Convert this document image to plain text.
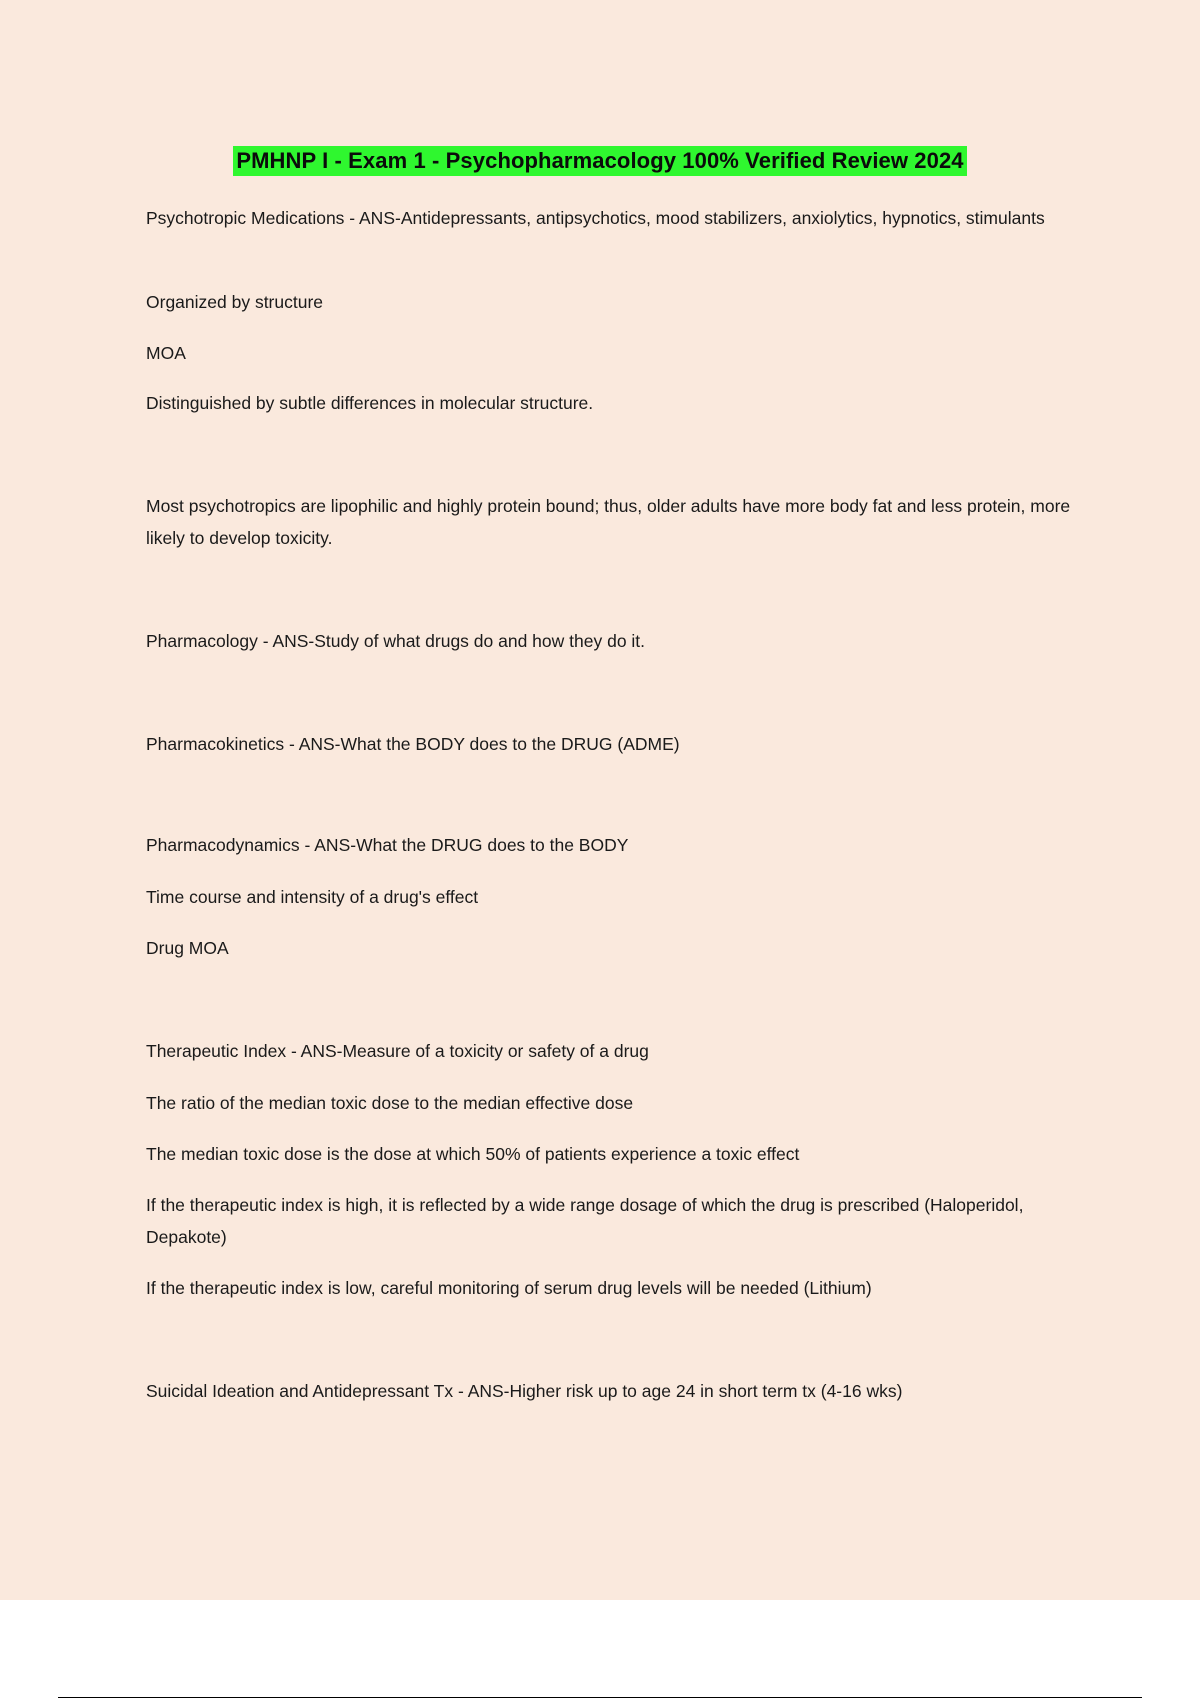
PMHNP I - Exam 1 - Psychopharmacology 100% Verified Review 2024
Psychotropic Medications - ANS-Antidepressants, antipsychotics, mood stabilizers, anxiolytics, hypnotics, stimulants
Organized by structure
MOA
Distinguished by subtle differences in molecular structure.
Most psychotropics are lipophilic and highly protein bound; thus, older adults have more body fat and less protein, more likely to develop toxicity.
Pharmacology - ANS-Study of what drugs do and how they do it.
Pharmacokinetics - ANS-What the BODY does to the DRUG (ADME)
Pharmacodynamics - ANS-What the DRUG does to the BODY
Time course and intensity of a drug's effect
Drug MOA
Therapeutic Index - ANS-Measure of a toxicity or safety of a drug
The ratio of the median toxic dose to the median effective dose
The median toxic dose is the dose at which 50% of patients experience a toxic effect
If the therapeutic index is high, it is reflected by a wide range dosage of which the drug is prescribed (Haloperidol, Depakote)
If the therapeutic index is low, careful monitoring of serum drug levels will be needed (Lithium)
Suicidal Ideation and Antidepressant Tx - ANS-Higher risk up to age 24 in short term tx (4-16 wks)
